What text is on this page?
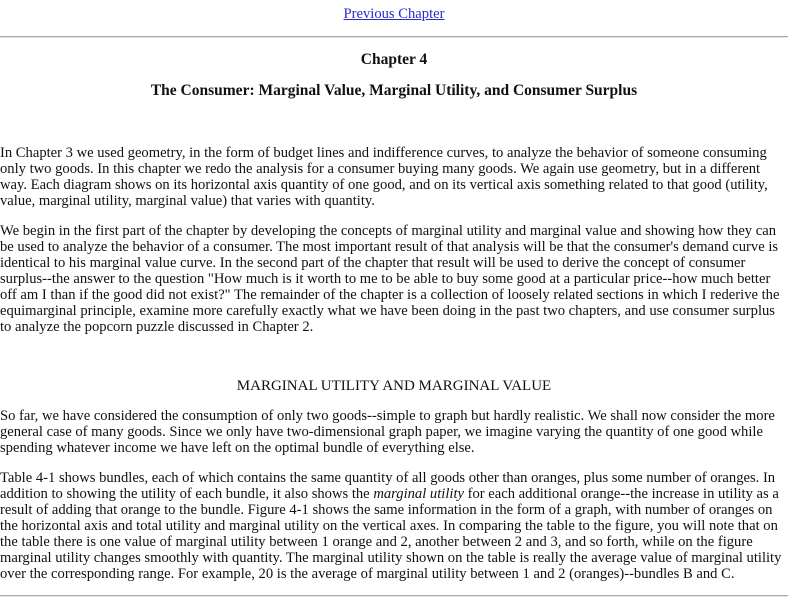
Previous Chapter
Chapter 4
The Consumer: Marginal Value, Marginal Utility, and Consumer Surplus

In Chapter 3 we used geometry, in the form of budget lines and indifference curves, to analyze the behavior of someone consuming only two goods. In this chapter we redo the analysis for a consumer buying many goods. We again use geometry, but in a different way. Each diagram shows on its horizontal axis quantity of one good, and on its vertical axis something related to that good (utility, value, marginal utility, marginal value) that varies with quantity.

We begin in the first part of the chapter by developing the concepts of marginal utility and marginal value and showing how they can be used to analyze the behavior of a consumer. The most important result of that analysis will be that the consumer's demand curve is identical to his marginal value curve. In the second part of the chapter that result will be used to derive the concept of consumer surplus--the answer to the question "How much is it worth to me to be able to buy some good at a particular price--how much better off am I than if the good did not exist?" The remainder of the chapter is a collection of loosely related sections in which I rederive the equimarginal principle, examine more carefully exactly what we have been doing in the past two chapters, and use consumer surplus to analyze the popcorn puzzle discussed in Chapter 2.

MARGINAL UTILITY AND MARGINAL VALUE

So far, we have considered the consumption of only two goods--simple to graph but hardly realistic. We shall now consider the more general case of many goods. Since we only have two-dimensional graph paper, we imagine varying the quantity of one good while spending whatever income we have left on the optimal bundle of everything else.

Table 4-1 shows bundles, each of which contains the same quantity of all goods other than oranges, plus some number of oranges. In addition to showing the utility of each bundle, it also shows the marginal utility for each additional orange--the increase in utility as a result of adding that orange to the bundle. Figure 4-1 shows the same information in the form of a graph, with number of oranges on the horizontal axis and total utility and marginal utility on the vertical axes. In comparing the table to the figure, you will note that on the table there is one value of marginal utility between 1 orange and 2, another between 2 and 3, and so forth, while on the figure marginal utility changes smoothly with quantity. The marginal utility shown on the table is really the average value of marginal utility over the corresponding range. For example, 20 is the average of marginal utility between 1 and 2 (oranges)--bundles B and C.
